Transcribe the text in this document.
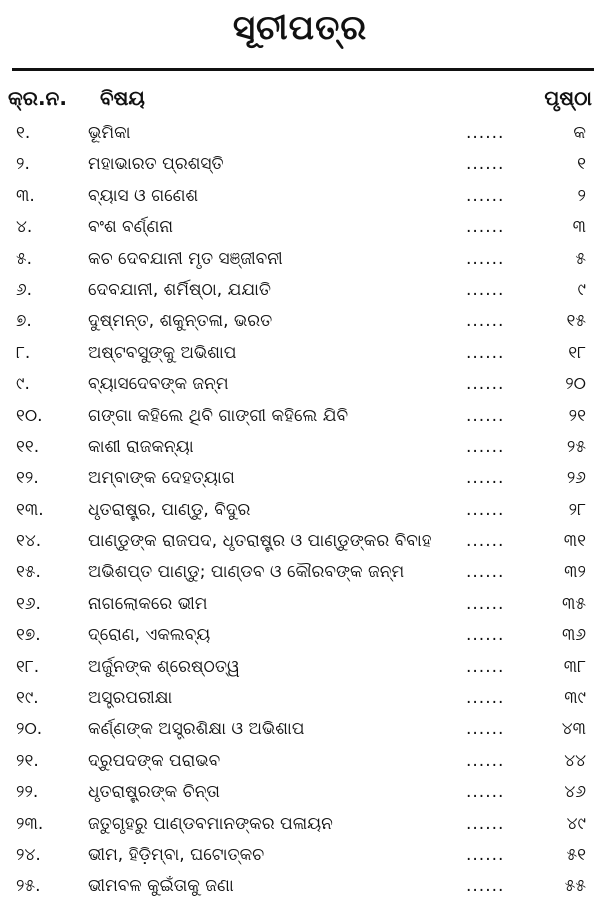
ସୂଚୀପତ୍ର
କ୍ର.ନ. ବିଷୟ	ପୃଷ୍ଠା
୧.	ଭୂମିକା	......	କ
୨.	ମହାଭାରତ ପ୍ରଶସ୍ତି	......	୧
୩.	ବ୍ୟାସ ଓ ଗଣେଶ	......	୨
୪.	ବଂଶ ବର୍ଣ୍ଣନା	......	୩
୫.	କଚ ଦେବଯାନୀ ମୃତ ସଞ୍ଜୀବନୀ	......	୫
୬.	ଦେବଯାନୀ, ଶର୍ମିଷ୍ଠା, ଯଯାତି	......	୯
୭.	ଦୁଷ୍ମନ୍ତ, ଶକୁନ୍ତଳା, ଭରତ	......	୧୫
୮.	ଅଷ୍ଟବସୁଙ୍କୁ ଅଭିଶାପ	......	୧୮
୯.	ବ୍ୟାସଦେବଙ୍କ ଜନ୍ମ	......	୨୦
୧୦.	ଗଙ୍ଗା କହିଲେ ଥିବି ଗାଙ୍ଗୀ କହିଲେ ଯିବି	......	୨୧
୧୧.	କାଶୀ ରାଜକନ୍ୟା	......	୨୫
୧୨.	ଅମ୍ବାଙ୍କ ଦେହତ୍ୟାଗ	......	୨୬
୧୩.	ଧୃତରାଷ୍ଟ୍ର, ପାଣ୍ଡୁ, ବିଦୁର	......	୨୮
୧୪.	ପାଣ୍ଡୁଙ୍କ ରାଜପଦ, ଧୃତରାଷ୍ଟ୍ର ଓ ପାଣ୍ଡୁଙ୍କର ବିବାହ ......	୩୧
୧୫.	ଅଭିଶପ୍ତ ପାଣ୍ଡୁ; ପାଣ୍ଡବ ଓ କୌରବଙ୍କ ଜନ୍ମ	......	୩୨
୧୬.	ନାଗଲୋକରେ ଭୀମ	......	୩୫
୧୭.	ଦ୍ରୋଣ, ଏକଲବ୍ୟ	......	୩୬
୧୮.	ଅର୍ଜୁନଙ୍କ ଶ୍ରେଷ୍ଠତ୍ୱ	......	୩୮
୧୯.	ଅସ୍ତ୍ରପରୀକ୍ଷା	......	୩୯
୨୦.	କର୍ଣ୍ଣଙ୍କ ଅସ୍ତ୍ରଶିକ୍ଷା ଓ ଅଭିଶାପ	......	୪୩
୨୧.	ଦ୍ରୁପଦଙ୍କ ପରାଭବ	......	୪୪
୨୨.	ଧୃତରାଷ୍ଟ୍ରଙ୍କ ଚିନ୍ତା	......	୪୬
୨୩.	ଜତୁଗୃହରୁ ପାଣ୍ଡବମାନଙ୍କର ପଳାୟନ	......	୪୯
୨୪.	ଭୀମ, ହିଡ଼ିମ୍ବା, ଘଟୋତ୍କଚ	......	୫୧
୨୫.	ଭୀମବଳ କୁଇଁତାକୁ ଜଣା	......	୫୫
